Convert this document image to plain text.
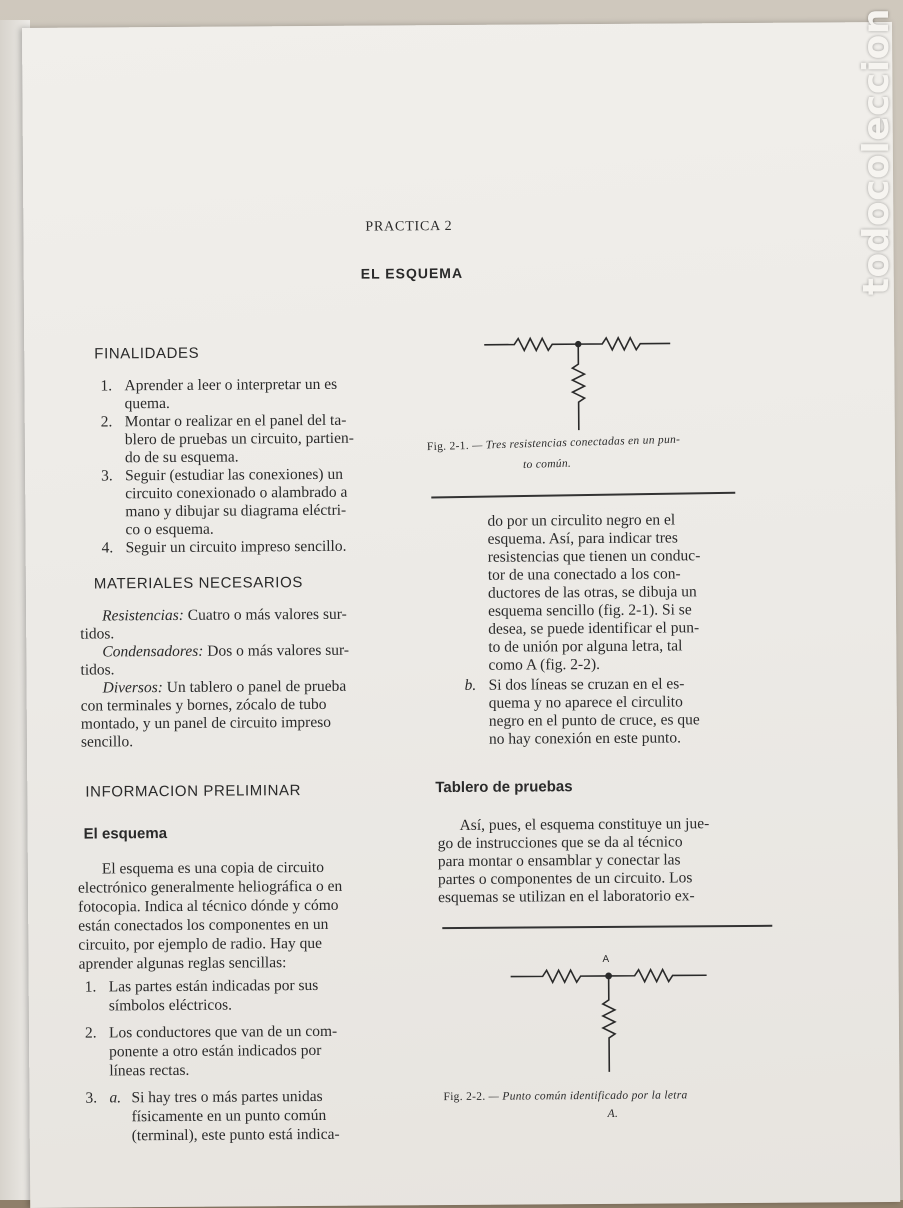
PRACTICA 2
EL ESQUEMA
FINALIDADES
1. Aprender a leer o interpretar un es
quema.
2. Montar o realizar en el panel del ta-
blero de pruebas un circuito, partien-
do de su esquema.
3. Seguir (estudiar las conexiones) un
circuito conexionado o alambrado a
mano y dibujar su diagrama eléctri-
co o esquema.
4. Seguir un circuito impreso sencillo.
MATERIALES NECESARIOS
Resistencias: Cuatro o más valores sur-
tidos.
Condensadores: Dos o más valores sur-
tidos.
Diversos: Un tablero o panel de prueba
con terminales y bornes, zócalo de tubo
montado, y un panel de circuito impreso
sencillo.
INFORMACION PRELIMINAR
El esquema
El esquema es una copia de circuito
electrónico generalmente heliográfica o en
fotocopia. Indica al técnico dónde y cómo
están conectados los componentes en un
circuito, por ejemplo de radio. Hay que
aprender algunas reglas sencillas:
1. Las partes están indicadas por sus
símbolos eléctricos.
2. Los conductores que van de un com-
ponente a otro están indicados por
líneas rectas.
3. a. Si hay tres o más partes unidas
físicamente en un punto común
(terminal), este punto está indica-
Fig. 2-1. — Tres resistencias conectadas en un pun-
to común.
do por un circulito negro en el
esquema. Así, para indicar tres
resistencias que tienen un conduc-
tor de una conectado a los con-
ductores de las otras, se dibuja un
esquema sencillo (fig. 2-1). Si se
desea, se puede identificar el pun-
to de unión por alguna letra, tal
como A (fig. 2-2).
b. Si dos líneas se cruzan en el es-
quema y no aparece el circulito
negro en el punto de cruce, es que
no hay conexión en este punto.
Tablero de pruebas
Así, pues, el esquema constituye un jue-
go de instrucciones que se da al técnico
para montar o ensamblar y conectar las
partes o componentes de un circuito. Los
esquemas se utilizan en el laboratorio ex-
A
Fig. 2-2. — Punto común identificado por la letra
A.
todocoleccion
